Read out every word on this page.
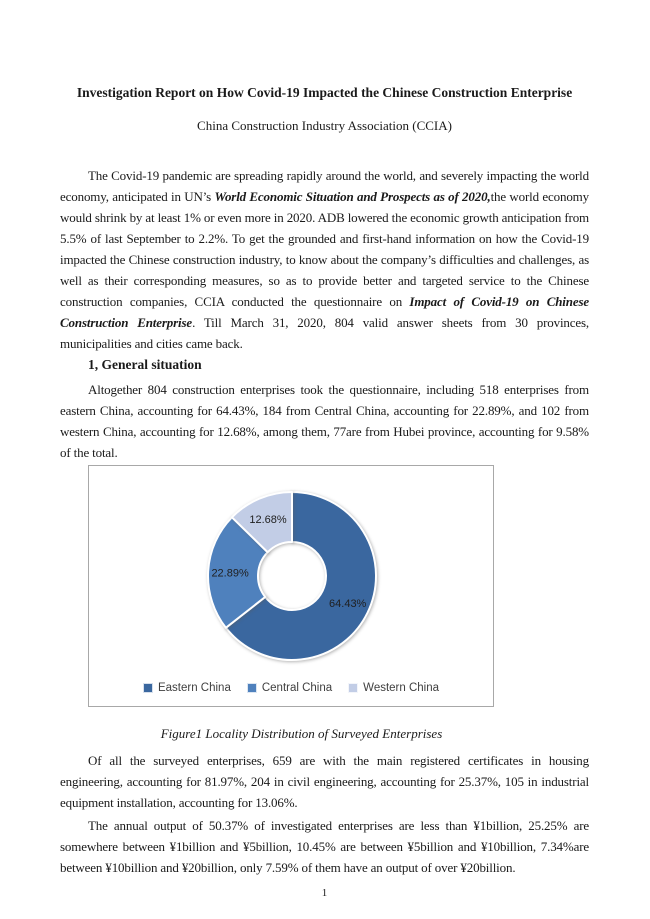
Investigation Report on How Covid-19 Impacted the Chinese Construction Enterprise
China Construction Industry Association (CCIA)

The Covid-19 pandemic are spreading rapidly around the world, and severely impacting the world economy, anticipated in UN’s World Economic Situation and Prospects as of 2020,the world economy would shrink by at least 1% or even more in 2020. ADB lowered the economic growth anticipation from 5.5% of last September to 2.2%. To get the grounded and first-hand information on how the Covid-19 impacted the Chinese construction industry, to know about the company’s difficulties and challenges, as well as their corresponding measures, so as to provide better and targeted service to the Chinese construction companies, CCIA conducted the questionnaire on Impact of Covid-19 on Chinese Construction Enterprise. Till March 31, 2020, 804 valid answer sheets from 30 provinces, municipalities and cities came back.

1, General situation

Altogether 804 construction enterprises took the questionnaire, including 518 enterprises from eastern China, accounting for 64.43%, 184 from Central China, accounting for 22.89%, and 102 from western China, accounting for 12.68%, among them, 77are from Hubei province, accounting for 9.58% of the total.

64.43%
22.89%
12.68%
Eastern China	Central China	Western China
Figure1 Locality Distribution of Surveyed Enterprises

Of all the surveyed enterprises, 659 are with the main registered certificates in housing engineering, accounting for 81.97%, 204 in civil engineering, accounting for 25.37%, 105 in industrial equipment installation, accounting for 13.06%.

The annual output of 50.37% of investigated enterprises are less than ¥1billion, 25.25% are somewhere between ¥1billion and ¥5billion, 10.45% are between ¥5billion and ¥10billion, 7.34%are between ¥10billion and ¥20billion, only 7.59% of them have an output of over ¥20billion.

1
